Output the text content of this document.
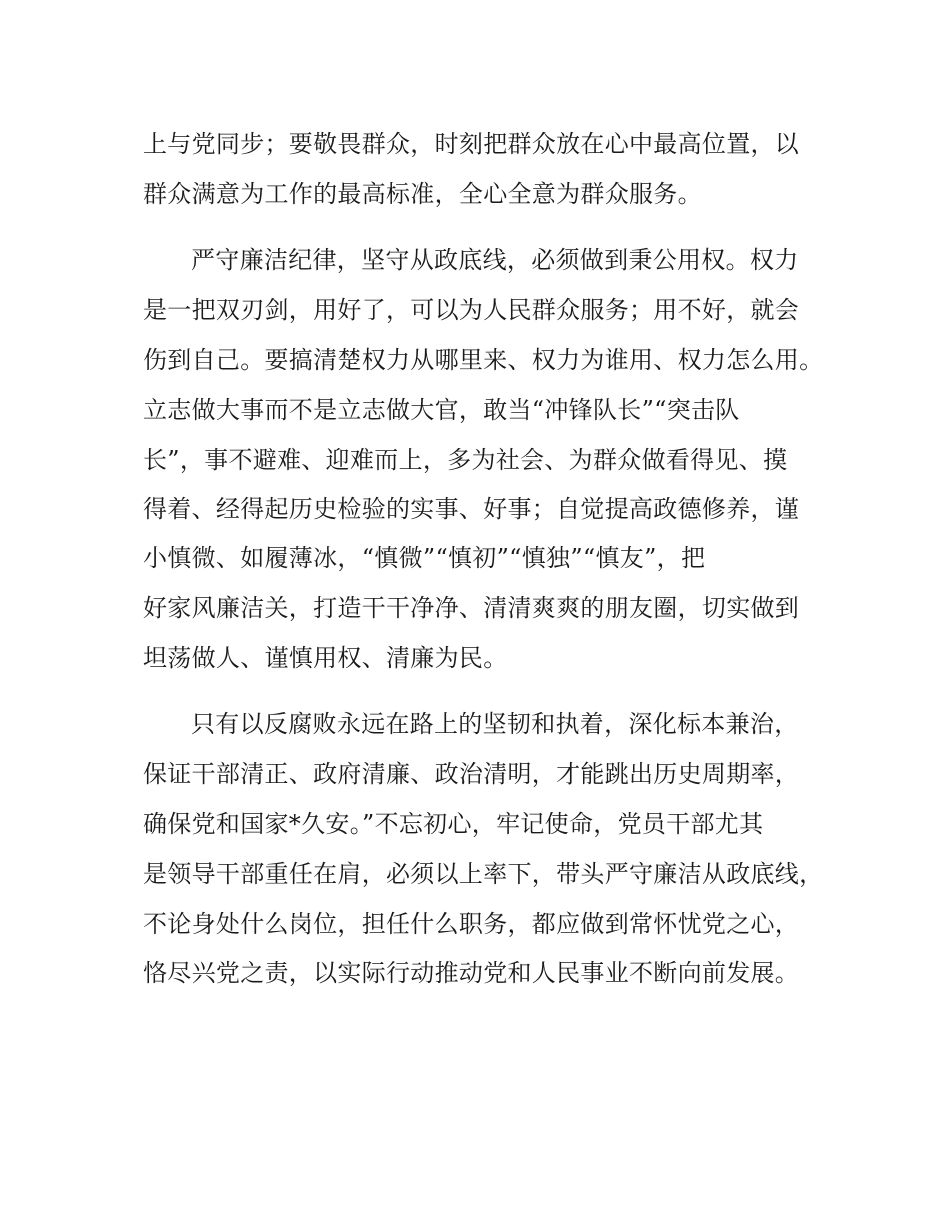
上与党同步；要敬畏群众，时刻把群众放在心中最高位置，以

群众满意为工作的最高标准，全心全意为群众服务。

严守廉洁纪律，坚守从政底线，必须做到秉公用权。权力

是一把双刃剑，用好了，可以为人民群众服务；用不好，就会

伤到自己。要搞清楚权力从哪里来、权力为谁用、权力怎么用。

立志做大事而不是立志做大官，敢当“冲锋队长”“突击队

长”，事不避难、迎难而上，多为社会、为群众做看得见、摸

得着、经得起历史检验的实事、好事；自觉提高政德修养，谨

小慎微、如履薄冰，“慎微”“慎初”“慎独”“慎友”，把

好家风廉洁关，打造干干净净、清清爽爽的朋友圈，切实做到

坦荡做人、谨慎用权、清廉为民。

只有以反腐败永远在路上的坚韧和执着，深化标本兼治，

保证干部清正、政府清廉、政治清明，才能跳出历史周期率，

确保党和国家*久安。”不忘初心，牢记使命，党员干部尤其

是领导干部重任在肩，必须以上率下，带头严守廉洁从政底线，

不论身处什么岗位，担任什么职务，都应做到常怀忧党之心，

恪尽兴党之责，以实际行动推动党和人民事业不断向前发展。
